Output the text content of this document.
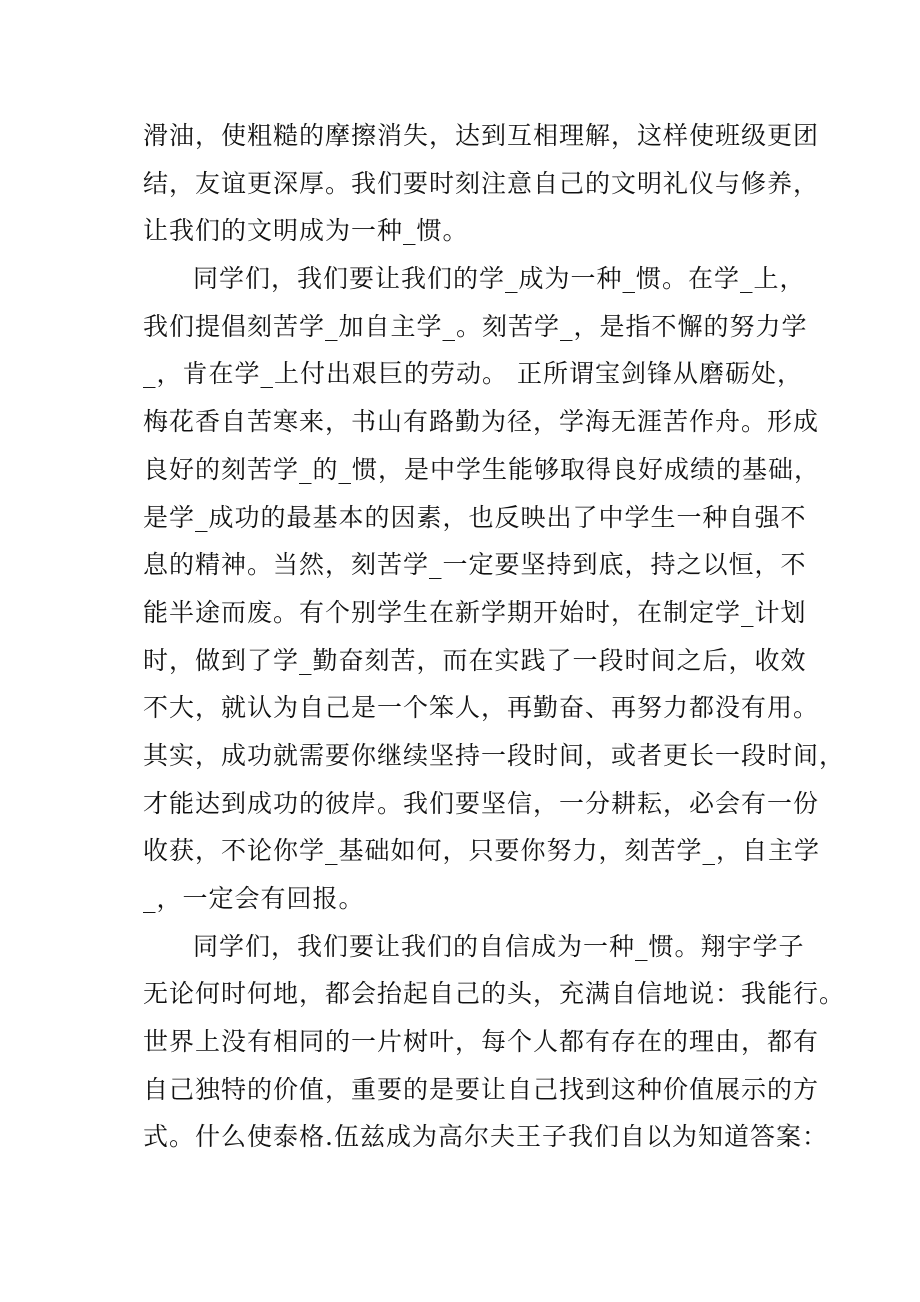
滑油，使粗糙的摩擦消失，达到互相理解，这样使班级更团
结，友谊更深厚。我们要时刻注意自己的文明礼仪与修养，
让我们的文明成为一种_惯。
同学们，我们要让我们的学_成为一种_惯。在学_上，
我们提倡刻苦学_加自主学_。刻苦学_，是指不懈的努力学
_，肯在学_上付出艰巨的劳动。 正所谓宝剑锋从磨砺处，
梅花香自苦寒来，书山有路勤为径，学海无涯苦作舟。形成
良好的刻苦学_的_惯，是中学生能够取得良好成绩的基础，
是学_成功的最基本的因素，也反映出了中学生一种自强不
息的精神。当然，刻苦学_一定要坚持到底，持之以恒，不
能半途而废。有个别学生在新学期开始时，在制定学_计划
时，做到了学_勤奋刻苦，而在实践了一段时间之后，收效
不大，就认为自己是一个笨人，再勤奋、再努力都没有用。
其实，成功就需要你继续坚持一段时间，或者更长一段时间，
才能达到成功的彼岸。我们要坚信，一分耕耘，必会有一份
收获，不论你学_基础如何，只要你努力，刻苦学_，自主学
_，一定会有回报。
同学们，我们要让我们的自信成为一种_惯。翔宇学子
无论何时何地，都会抬起自己的头，充满自信地说：我能行。
世界上没有相同的一片树叶，每个人都有存在的理由，都有
自己独特的价值，重要的是要让自己找到这种价值展示的方
式。什么使泰格.伍兹成为高尔夫王子我们自以为知道答案：
